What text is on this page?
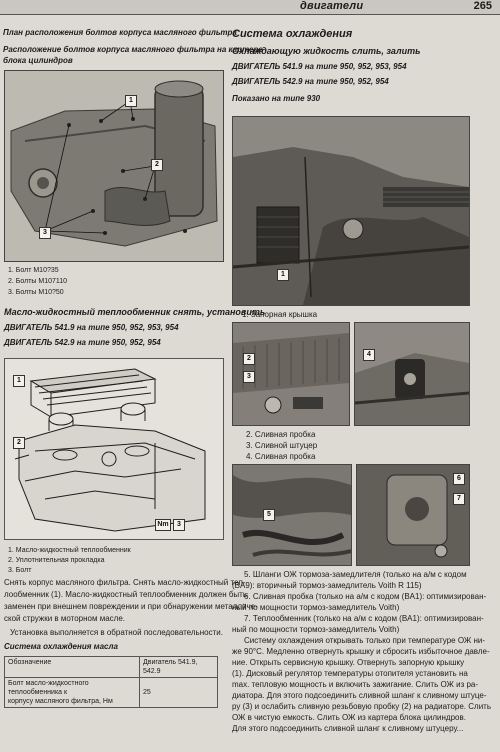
двигатели	265
План расположения болтов корпуса масляного фильтра
Расположение болтов корпуса масляного фильтра на картере
блока цилиндров
1
2
3
1. Болт M10?35
2. Болты M107110
3. Болты M10?50
Масло-жидкостный теплообменник снять, установить
ДВИГАТЕЛЬ 541.9 на типе 950, 952, 953, 954
ДВИГАТЕЛЬ 542.9 на типе 950, 952, 954
1
2
3
Nm
1. Масло-жидкостный теплообменник
2. Уплотнительная прокладка
3. Болт
Снять корпус масляного фильтра. Снять масло-жидкостный теп-
лообменник (1). Масло-жидкостный теплообменник должен быть
заменен при внешнем повреждении и при обнаружении металличе-
ской стружки в моторном масле.
Установка выполняется в обратной последовательности.
Система охлаждения масла
Обозначение	Двигатель 541.9, 542.9

Болт масло-жидкостного теплообменника к
корпусу масляного фильтра, Нм	25
Система охлаждения
Охлаждающую жидкость слить, залить
ДВИГАТЕЛЬ 541.9 на типе 950, 952, 953, 954
ДВИГАТЕЛЬ 542.9 на типе 950, 952, 954
Показано на типе 930
1
1. Запорная крышка
2
3
4
2. Сливная пробка
3. Сливной штуцер
4. Сливная пробка
5
6
7
5. Шланги ОЖ тормоза-замедлителя (только на а/м с кодом
(BA9): вторичный тормоз-замедлитель Voith R 115)
6. Сливная пробка (только на а/м с кодом (BA1): оптимизирован-
ный по мощности тормоз-замедлитель Voith)
7. Теплообменник (только на а/м с кодом (BA1): оптимизирован-
ный по мощности тормоз-замедлитель Voith)
Систему охлаждения открывать только при температуре ОЖ ни-
же 90°C. Медленно отвернуть крышку и сбросить избыточное давле-
ние. Открыть сервисную крышку. Отвернуть запорную крышку
(1). Дисковый регулятор температуры отопителя установить на
max. тепловую мощность и включить зажигание. Слить ОЖ из ра-
диатора. Для этого подсоединить сливной шланг к сливному штуце-
ру (3) и ослабить сливную резьбовую пробку (2) на радиаторе. Слить
ОЖ в чистую емкость. Слить ОЖ из картера блока цилиндров.
Для этого подсоединить сливной шланг к сливному штуцеру...
